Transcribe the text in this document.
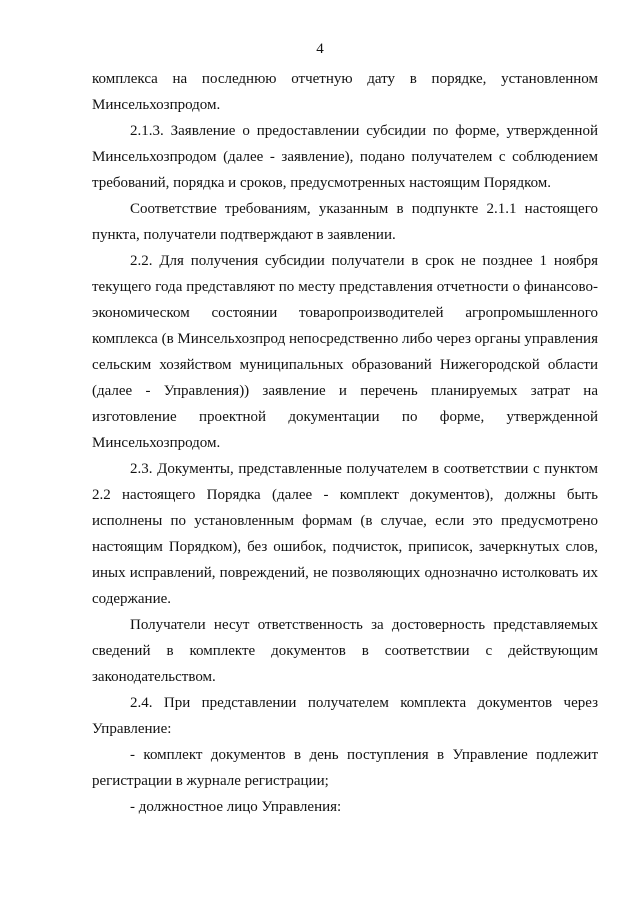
4

комплекса на последнюю отчетную дату в порядке, установленном Минсельхозпродом.

2.1.3. Заявление о предоставлении субсидии по форме, утвержденной Минсельхозпродом (далее - заявление), подано получателем с соблюдением требований, порядка и сроков, предусмотренных настоящим Порядком.

Соответствие требованиям, указанным в подпункте 2.1.1 настоящего пункта, получатели подтверждают в заявлении.

2.2. Для получения субсидии получатели в срок не позднее 1 ноября текущего года представляют по месту представления отчетности о финансово-экономическом состоянии товаропроизводителей агропромышленного комплекса (в Минсельхозпрод непосредственно либо через органы управления сельским хозяйством муниципальных образований Нижегородской области (далее - Управления)) заявление и перечень планируемых затрат на изготовление проектной документации по форме, утвержденной Минсельхозпродом.

2.3. Документы, представленные получателем в соответствии с пунктом 2.2 настоящего Порядка (далее - комплект документов), должны быть исполнены по установленным формам (в случае, если это предусмотрено настоящим Порядком), без ошибок, подчисток, приписок, зачеркнутых слов, иных исправлений, повреждений, не позволяющих однозначно истолковать их содержание.

Получатели несут ответственность за достоверность представляемых сведений в комплекте документов в соответствии с действующим законодательством.

2.4. При представлении получателем комплекта документов через Управление:

- комплект документов в день поступления в Управление подлежит регистрации в журнале регистрации;

- должностное лицо Управления:
